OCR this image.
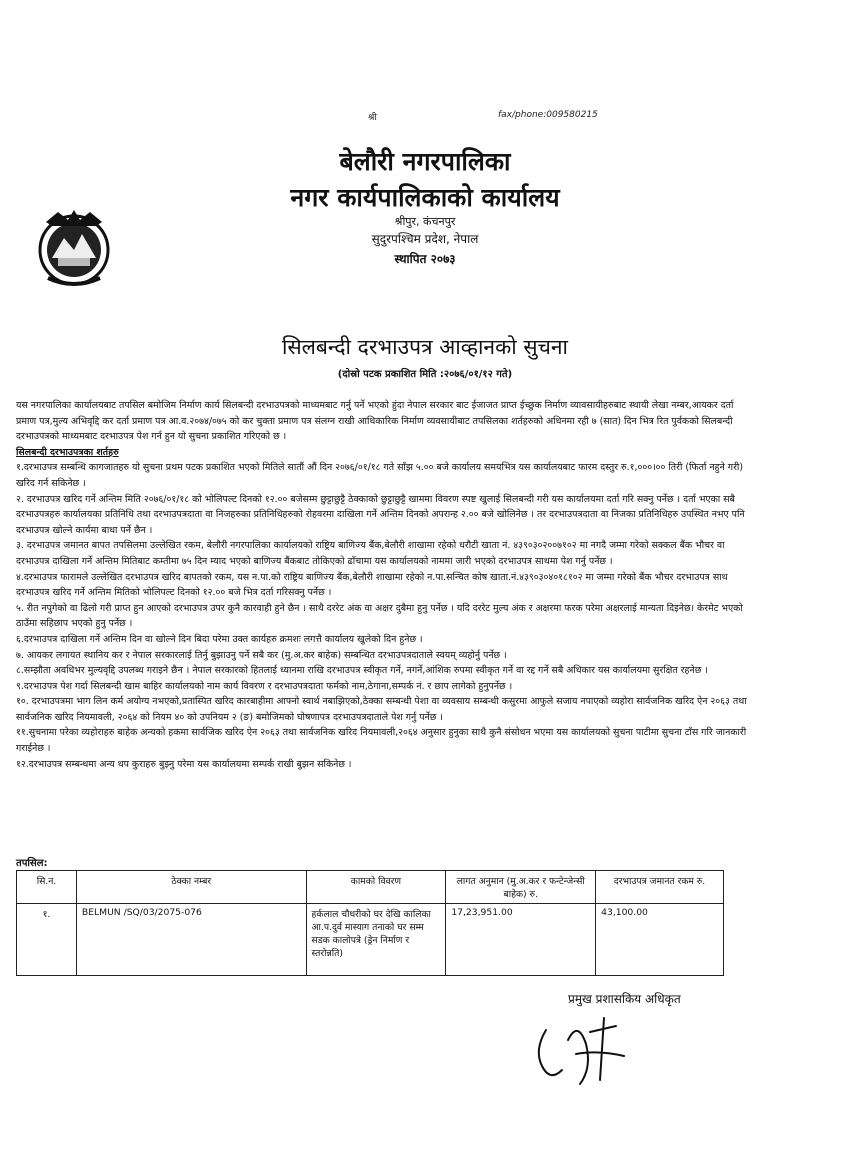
श्री	fax/phone:009580215
बेलौरी नगरपालिका
नगर कार्यपालिकाको कार्यालय
श्रीपुर, कंचनपुर
सुदुरपश्चिम प्रदेश, नेपाल
स्थापित २०७३
सिलबन्दी दरभाउपत्र आव्हानको सुचना
(दोस्रो पटक प्रकाशित मिति :२०७६/०१/१२ गते)

यस नगरपालिका कार्यालयबाट तपसिल बमोजिम निर्माण कार्य सिलबन्दी दरभाउपत्रको माध्यमबाट गर्नु पर्ने भएको हुंदा नेपाल सरकार बाट ईजाजत प्राप्त ईच्छुक निर्माण व्यावसायीहरुबाट स्थायी लेखा नम्बर,आयकर दर्ता प्रमाण पत्र,मुल्य अभिवृद्दि कर दर्ता प्रमाण पत्र आ.व.२०७४/०७५ को कर चुक्ता प्रमाण पत्र संलग्न राखी आधिकारिक निर्माण व्यवसायीबाट तपसिलका शर्तहरुको अधिनमा रही ७ (सात) दिन भित्र रित पुर्वकको सिलबन्दी दरभाउपत्रको माध्यमबाट दरभाउपत्र पेश गर्न हुन यो सुचना प्रकाशित गरिएको छ ।

सिलबन्दी दरभाउपत्रका शर्तहरु

१.दरभाउपत्र सम्बन्धि कागजातहरु यो सुचना प्रथम पटक प्रकाशित भएको मितिले सातौं औं दिन २०७६/०१/१८ गते साँझ ५.०० बजे कार्यालय समयभित्र यस कार्यालयबाट फारम दस्तुर रु.१,०००।०० तिरी (फिर्ता नहुने गरी) खरिद गर्न सकिनेछ ।

२. दरभाउपत्र खरिद गर्ने अन्तिम मिति २०७६/०१/१८ को भोलिपल्ट दिनको १२.०० बजेसम्म छुट्टाछुट्टै ठेक्काको छुट्टाछुट्टै खाममा विवरण स्पष्ट खुलाई सिलबन्दी गरी यस कार्यालयमा दर्ता गरि सक्नु पर्नेछ । दर्ता भएका सबै दरभाउपत्रहरु कार्यालयका प्रतिनिधि तथा दरभाउपत्रदाता वा निजहरुका प्रतिनिधिहरुको रोहवरमा दाखिला गर्ने अन्तिम दिनको अपरान्ह २.०० बजे खोलिनेछ । तर दरभाउपत्रदाता वा निजका प्रतिनिधिहरु उपस्थित नभए पनि दरभाउपत्र खोल्ने कार्यमा बाधा पर्ने छैन ।

३. दरभाउपत्र जमानत बापत तपसिलमा उल्लेखित रकम, बेलौरी नगरपालिका कार्यालयको राष्ट्रिय बाणिज्य बैंक,बेलौरी शाखामा रहेको धरौटी खाता नं. ४३९०३०२००७१०२ मा नगदै जम्मा गरेको सक्कल बैंक भौचर वा दरभाउपत्र दाखिला गर्ने अन्तिम मितिबाट कम्तीमा ७५ दिन म्याद भएको बाणिज्य बैंकबाट तोकिएको ढाँचामा यस कार्यालयको नाममा जारी भएको दरभाउपत्र साथमा पेश गर्नु पर्नेछ ।

४.दरभाउपत्र फारामले उल्लेखित दरभाउपत्र खरिद बापतको रकम, यस न.पा.को राष्ट्रिय बाणिज्य बैंक,बेलौरी शाखामा रहेको न.पा.सन्चित कोष खाता.नं.४३९०३०४०१८१०२ मा जम्मा गरेको बैंक भौचर दरभाउपत्र साथ दरभाउपत्र खरिद गर्ने अन्तिम मितिको भोलिपल्ट दिनको १२.०० बजे भित्र दर्ता गरिसक्नु पर्नेछ ।

५. रीत नपुगेको वा ढिलो गरी प्राप्त हुन आएको दरभाउपत्र उपर कुनै कारवाही हुने छैन । साथै दररेट अंक वा अक्षर दुबैमा हुनु पर्नेछ । यदि दररेट मुल्य अंक र अक्षरमा फरक परेमा अक्षरलाई मान्यता दिइनेछ। केरमेट भएको ठाउँमा सहिछाप भएको हुनु पर्नेछ ।

६.दरभाउपत्र दाखिला गर्ने अन्तिम दिन वा खोल्ने दिन बिदा परेमा उक्त कार्यहरु क्रमशः लगत्तै कार्यालय खुलेको दिन हुनेछ ।

७. आयकर लगायत स्थानिय कर र नेपाल सरकारलाई तिर्नु बुझाउनु पर्ने सबै कर (मु.अ.कर बाहेक) सम्बन्धित दरभाउपत्रदाताले स्वयम् व्यहोर्नु पर्नेछ ।

८.सम्झौता अवधिभर मुल्यवृद्दि उपलब्ध गराइने छैन । नेपाल सरकारको हितलाई ध्यानमा राखि दरभाउपत्र स्वीकृत गर्ने, नगर्ने,आंशिक रुपमा स्वीकृत गर्ने वा रद्द गर्ने सबै अधिकार यस कार्यालयमा सुरक्षित रहनेछ ।

९.दरभाउपत्र पेश गर्दा सिलबन्दी खाम बाहिर कार्यालयको नाम कार्य विवरण र दरभाउपत्रदाता फर्मको नाम,ठेगाना,सम्पर्क नं. र छाप लागेको हुनुपर्नेछ ।

१०. दरभाउपत्रमा भाग लिन कर्म अयोग्य नभएको,प्रतास्पित खरिद कारबाहीमा आफ्नो स्वार्थ नबाझिएको,ठेक्का सम्बन्धी पेशा वा व्यवसाय सम्बन्धी कसुरमा आफुले सजाय नपाएको व्यहोरा सार्वजनिक खरिद ऐन २०६३ तथा सार्वजनिक खरिद नियमावली, २०६४ को नियम ४० को उपनियम २ (ङ) बमोजिमको घोषणापत्र दरभाउपत्रदाताले पेश गर्नु पर्नेछ ।

११.सुचनामा परेका व्यहोराहरु बाहेक अन्यको हकमा सार्वजिक खरिद ऐन २०६३ तथा सार्वजनिक खरिद नियमावली,२०६४ अनुसार हुनुका साथै कुनै संसोधन भएमा यस कार्यालयको सुचना पाटीमा सुचना टाँस गरि जानकारी गराईनेछ ।

१२.दरभाउपत्र सम्बन्धमा अन्य थप कुराहरु बुझ्नु परेमा यस कार्यालयमा सम्पर्क राखी बुझन सकिनेछ ।

तपसिल:
सि.न.	ठेक्का नम्बर	कामको विवरण	लागत अनुमान (मु.अ.कर र फन्टेन्जेन्सी बाहेक) रु.	दरभाउपत्र जमानत रकम रु.
१.	BELMUN /SQ/03/2075-076	हर्कलाल चौधरीको घर देखि कालिका आ.प.दुर्व मास्याग तनाको घर सम्म सडक कालोपत्रे (ड्रेन निर्माण र स्तरोन्नति)	17,23,951.00	43,100.00
प्रमुख प्रशासकिय अधिकृत
